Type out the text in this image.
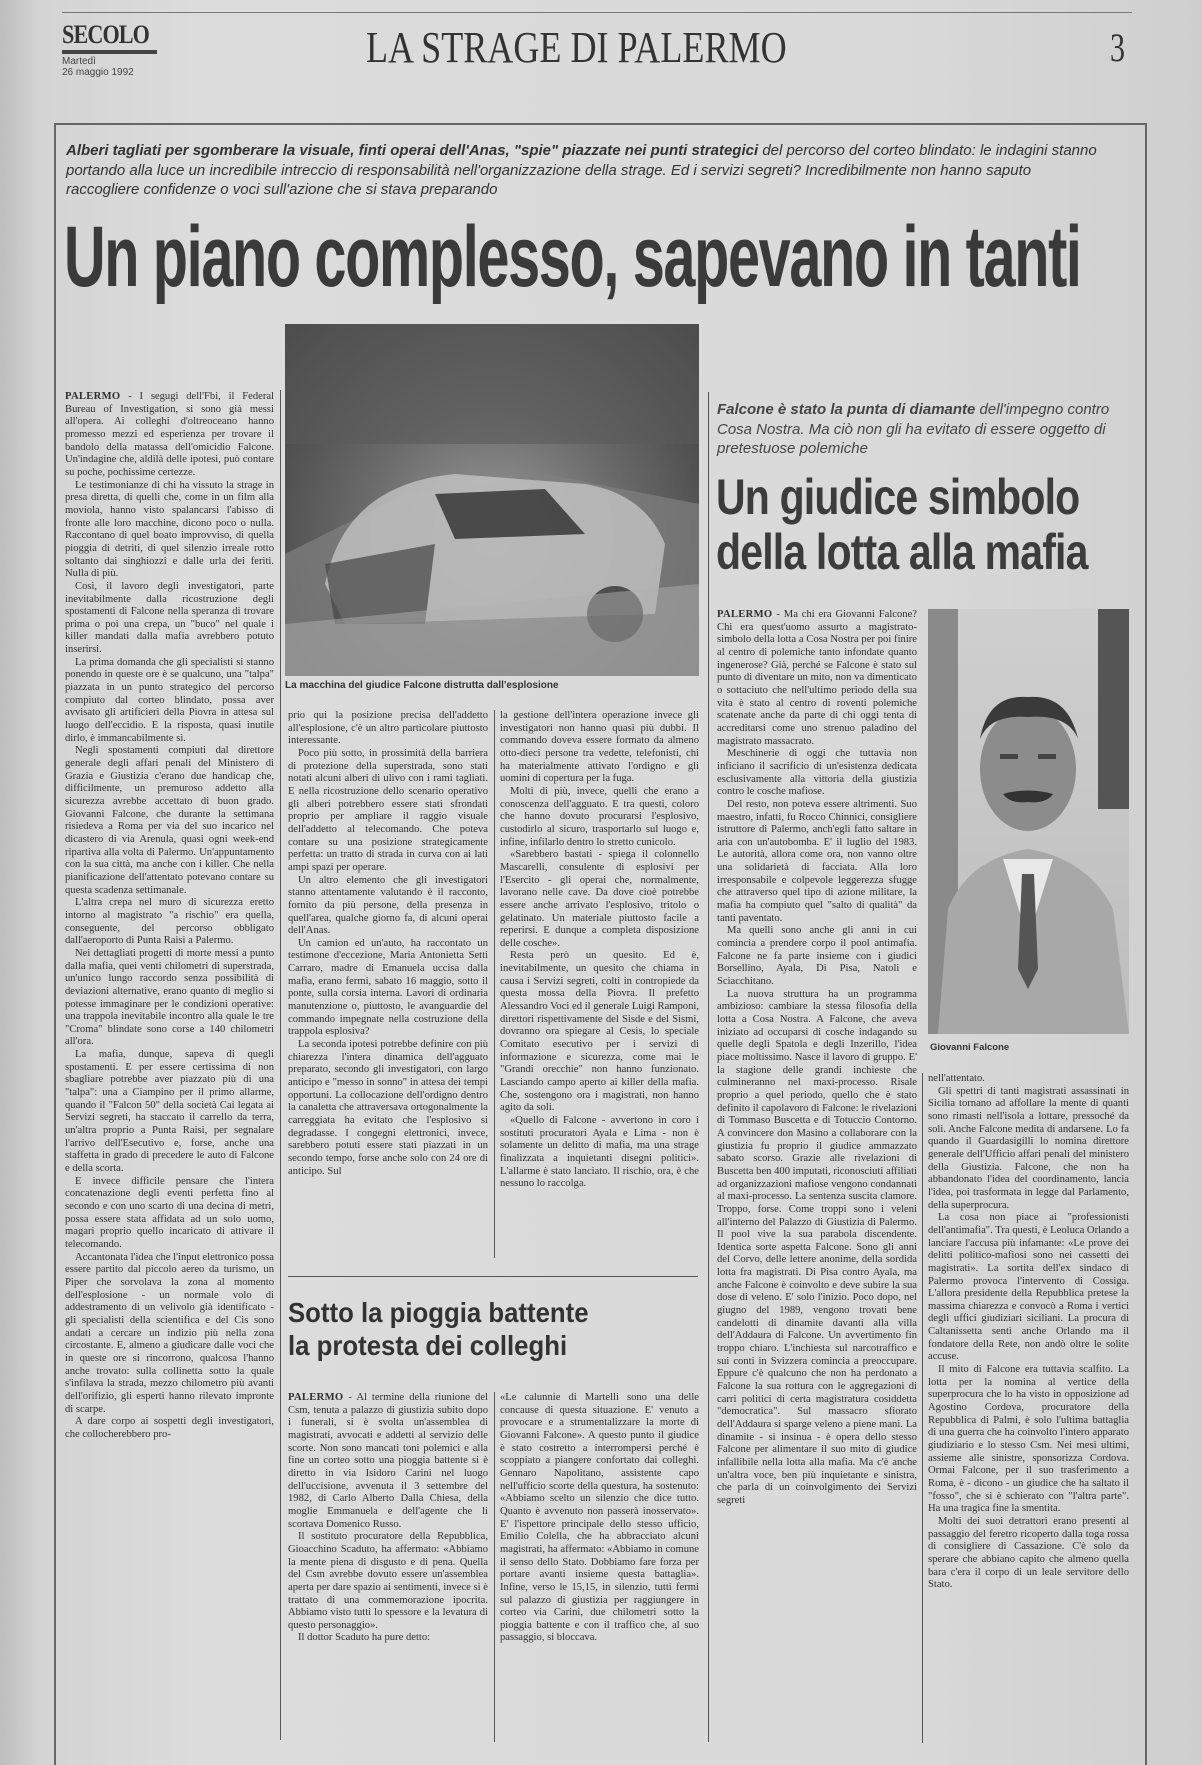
SECOLO
Martedì
26 maggio 1992
LA STRAGE DI PALERMO	3
Alberi tagliati per sgomberare la visuale, finti operai dell'Anas, "spie" piazzate nei punti strategici del percorso del corteo blindato: le indagini stanno portando alla luce un incredibile intreccio di responsabilità nell'organizzazione della strage. Ed i servizi segreti? Incredibilmente non hanno saputo raccogliere confidenze o voci sull'azione che si stava preparando
Un piano complesso, sapevano in tanti
La macchina del giudice Falcone distrutta dall'esplosione

PALERMO - I segugi dell'Fbi, il Federal Bureau of Investigation, si sono già messi all'opera. Ai colleghi d'oltreoceano hanno promesso mezzi ed esperienza per trovare il bandolo della matassa dell'omicidio Falcone. Un'indagine che, aldilà delle ipotesi, può contare su poche, pochissime certezze.

Le testimonianze di chi ha vissuto la strage in presa diretta, di quelli che, come in un film alla moviola, hanno visto spalancarsi l'abisso di fronte alle loro macchine, dicono poco o nulla. Raccontano di quel boato improvviso, di quella pioggia di detriti, di quel silenzio irreale rotto soltanto dai singhiozzi e dalle urla dei feriti. Nulla di più.

Così, il lavoro degli investigatori, parte inevitabilmente dalla ricostruzione degli spostamenti di Falcone nella speranza di trovare prima o poi una crepa, un "buco" nel quale i killer mandati dalla mafia avrebbero potuto inserirsi.

La prima domanda che gli specialisti si stanno ponendo in queste ore è se qualcuno, una "talpa" piazzata in un punto strategico del percorso compiuto dal corteo blindato, possa aver avvisato gli artificieri della Piovra in attesa sul luogo dell'eccidio. E la risposta, quasi inutile dirlo, è immancabilmente sì.

Negli spostamenti compiuti dal direttore generale degli affari penali del Ministero di Grazia e Giustizia c'erano due handicap che, difficilmente, un premuroso addetto alla sicurezza avrebbe accettato di buon grado. Giovanni Falcone, che durante la settimana risiedeva a Roma per via del suo incarico nel dicastero di via Arenula, quasi ogni week-end ripartiva alla volta di Palermo. Un'appuntamento con la sua città, ma anche con i killer. Che nella pianificazione dell'attentato potevano contare su questa scadenza settimanale.

L'altra crepa nel muro di sicurezza eretto intorno al magistrato "a rischio" era quella, conseguente, del percorso obbligato dall'aeroporto di Punta Raisi a Palermo.

Nei dettagliati progetti di morte messi a punto dalla mafia, quei venti chilometri di superstrada, un'unico lungo raccordo senza possibilità di deviazioni alternative, erano quanto di meglio si potesse immaginare per le condizioni operative: una trappola inevitabile incontro alla quale le tre "Croma" blindate sono corse a 140 chilometri all'ora.

La mafia, dunque, sapeva di quegli spostamenti. E per essere certissima di non sbagliare potrebbe aver piazzato più di una "talpa": una a Ciampino per il primo allarme, quando il "Falcon 50" della società Cai legata ai Servizi segreti, ha staccato il carrello da terra, un'altra proprio a Punta Raisi, per segnalare l'arrivo dell'Esecutivo e, forse, anche una staffetta in grado di precedere le auto di Falcone e della scorta.

E invece difficile pensare che l'intera concatenazione degli eventi perfetta fino al secondo e con uno scarto di una decina di metri, possa essere stata affidata ad un solo uomo, magari proprio quello incaricato di attivare il telecomando.

Accantonata l'idea che l'input elettronico possa essere partito dal piccolo aereo da turismo, un Piper che sorvolava la zona al momento dell'esplosione - un normale volo di addestramento di un velivolo già identificato - gli specialisti della scientifica e del Cis sono andati a cercare un indizio più nella zona circostante. E, almeno a giudicare dalle voci che in queste ore si rincorrono, qualcosa l'hanno anche trovato: sulla collinetta sotto la quale s'infilava la strada, mezzo chilometro più avanti dell'orifizio, gli esperti hanno rilevato impronte di scarpe.

A dare corpo ai sospetti degli investigatori, che collocherebbero pro-

prio qui la posizione precisa dell'addetto all'esplosione, c'è un altro particolare piuttosto interessante.

Poco più sotto, in prossimità della barriera di protezione della superstrada, sono stati notati alcuni alberi di ulivo con i rami tagliati. E nella ricostruzione dello scenario operativo gli alberi potrebbero essere stati sfrondati proprio per ampliare il raggio visuale dell'addetto al telecomando. Che poteva contare su una posizione strategicamente perfetta: un tratto di strada in curva con ai lati ampi spazi per operare.

Un altro elemento che gli investigatori stanno attentamente valutando è il racconto, fornito da più persone, della presenza in quell'area, qualche giorno fa, di alcuni operai dell'Anas.

Un camion ed un'auto, ha raccontato un testimone d'eccezione, Maria Antonietta Setti Carraro, madre di Emanuela uccisa dalla mafia, erano fermi, sabato 16 maggio, sotto il ponte, sulla corsia interna. Lavori di ordinaria manutenzione o, piuttosto, le avanguardie del commando impegnate nella costruzione della trappola esplosiva?

La seconda ipotesi potrebbe definire con più chiarezza l'intera dinamica dell'agguato preparato, secondo gli investigatori, con largo anticipo e "messo in sonno" in attesa dei tempi opportuni. La collocazione dell'ordigno dentro la canaletta che attraversava ortogonalmente la carreggiata ha evitato che l'esplosivo si degradasse. I congegni elettronici, invece, sarebbero potuti essere stati piazzati in un secondo tempo, forse anche solo con 24 ore di anticipo. Sul

la gestione dell'intera operazione invece gli investigatori non hanno quasi più dubbi. Il commando doveva essere formato da almeno otto-dieci persone tra vedette, telefonisti, chi ha materialmente attivato l'ordigno e gli uomini di copertura per la fuga.

Molti di più, invece, quelli che erano a conoscenza dell'agguato. E tra questi, coloro che hanno dovuto procurarsi l'esplosivo, custodirlo al sicuro, trasportarlo sul luogo e, infine, infilarlo dentro lo stretto cunicolo.

«Sarebbero bastati - spiega il colonnello Mascarelli, consulente di esplosivi per l'Esercito - gli operai che, normalmente, lavorano nelle cave. Da dove cioè potrebbe essere anche arrivato l'esplosivo, tritolo o gelatinato. Un materiale piuttosto facile a reperirsi. E dunque a completa disposizione delle cosche».

Resta però un quesito. Ed è, inevitabilmente, un quesito che chiama in causa i Servizi segreti, colti in contropiede da questa mossa della Piovra. Il prefetto Alessandro Voci ed il generale Luigi Ramponi, direttori rispettivamente del Sisde e del Sismi, dovranno ora spiegare al Cesis, lo speciale Comitato esecutivo per i servizi di informazione e sicurezza, come mai le "Grandi orecchie" non hanno funzionato. Lasciando campo aperto ai killer della mafia. Che, sostengono ora i magistrati, non hanno agito da soli.

«Quello di Falcone - avvertono in coro i sostituti procuratori Ayala e Lima - non è solamente un delitto di mafia, ma una strage finalizzata a inquietanti disegni politici». L'allarme è stato lanciato. Il rischio, ora, è che nessuno lo raccolga.

Sotto la pioggia battente
la protesta dei colleghi

PALERMO - Al termine della riunione del Csm, tenuta a palazzo di giustizia subito dopo i funerali, si è svolta un'assemblea di magistrati, avvocati e addetti al servizio delle scorte. Non sono mancati toni polemici e alla fine un corteo sotto una pioggia battente si è diretto in via Isidoro Carini nel luogo dell'uccisione, avvenuta il 3 settembre del 1982, di Carlo Alberto Dalla Chiesa, della moglie Emmanuela e dell'agente che li scortava Domenico Russo.

Il sostituto procuratore della Repubblica, Gioacchino Scaduto, ha affermato: «Abbiamo la mente piena di disgusto e di pena. Quella del Csm avrebbe dovuto essere un'assemblea aperta per dare spazio ai sentimenti, invece si è trattato di una commemorazione ipocrita. Abbiamo visto tutti lo spessore e la levatura di questo personaggio».

Il dottor Scaduto ha pure detto:

«Le calunnie di Martelli sono una delle concause di questa situazione. E' venuto a provocare e a strumentalizzare la morte di Giovanni Falcone». A questo punto il giudice è stato costretto a interrompersi perché è scoppiato a piangere confortato dai colleghi. Gennaro Napolitano, assistente capo nell'ufficio scorte della questura, ha sostenuto: «Abbiamo scelto un silenzio che dice tutto. Quanto è avvenuto non passerà inosservato». E' l'ispettore principale dello stesso ufficio, Emilio Colella, che ha abbracciato alcuni magistrati, ha affermato: «Abbiamo in comune il senso dello Stato. Dobbiamo fare forza per portare avanti insieme questa battaglia». Infine, verso le 15,15, in silenzio, tutti fermi sul palazzo di giustizia per raggiungere in corteo via Carini, due chilometri sotto la pioggia battente e con il traffico che, al suo passaggio, si bloccava.

Falcone è stato la punta di diamante dell'impegno contro Cosa Nostra. Ma ciò non gli ha evitato di essere oggetto di pretestuose polemiche
Un giudice simbolo
della lotta alla mafia
Giovanni Falcone

PALERMO - Ma chi era Giovanni Falcone? Chi era quest'uomo assurto a magistrato-simbolo della lotta a Cosa Nostra per poi finire al centro di polemiche tanto infondate quanto ingenerose? Già, perché se Falcone è stato sul punto di diventare un mito, non va dimenticato o sottaciuto che nell'ultimo periodo della sua vita è stato al centro di roventi polemiche scatenate anche da parte di chi oggi tenta di accreditarsi come uno strenuo paladino del magistrato massacrato.

Meschinerie di oggi che tuttavia non inficiano il sacrificio di un'esistenza dedicata esclusivamente alla vittoria della giustizia contro le cosche mafiose.

Del resto, non poteva essere altrimenti. Suo maestro, infatti, fu Rocco Chinnici, consigliere istruttore di Palermo, anch'egli fatto saltare in aria con un'autobomba. E' il luglio del 1983. Le autorità, allora come ora, non vanno oltre una solidarietà di facciata. Alla loro irresponsabile e colpevole leggerezza sfugge che attraverso quel tipo di azione militare, la mafia ha compiuto quel "salto di qualità" da tanti paventato.

Ma quelli sono anche gli anni in cui comincia a prendere corpo il pool antimafia. Falcone ne fa parte insieme con i giudici Borsellino, Ayala, Di Pisa, Natoli e Sciacchitano.

La nuova struttura ha un programma ambizioso: cambiare la stessa filosofia della lotta a Cosa Nostra. A Falcone, che aveva iniziato ad occuparsi di cosche indagando su quelle degli Spatola e degli Inzerillo, l'idea piace moltissimo. Nasce il lavoro di gruppo. E' la stagione delle grandi inchieste che culmineranno nel maxi-processo. Risale proprio a quel periodo, quello che è stato definito il capolavoro di Falcone: le rivelazioni di Tommaso Buscetta e di Totuccio Contorno. A convincere don Masino a collaborare con la giustizia fu proprio il giudice ammazzato sabato scorso. Grazie alle rivelazioni di Buscetta ben 400 imputati, riconosciuti affiliati ad organizzazioni mafiose vengono condannati al maxi-processo. La sentenza suscita clamore. Troppo, forse. Come troppi sono i veleni all'interno del Palazzo di Giustizia di Palermo. Il pool vive la sua parabola discendente. Identica sorte aspetta Falcone. Sono gli anni del Corvo, delle lettere anonime, della sordida lotta fra magistrati. Di Pisa contro Ayala, ma anche Falcone è coinvolto e deve subire la sua dose di veleno. E' solo l'inizio. Poco dopo, nel giugno del 1989, vengono trovati bene candelotti di dinamite davanti alla villa dell'Addaura di Falcone. Un avvertimento fin troppo chiaro. L'inchiesta sul narcotraffico e sui conti in Svizzera comincia a preoccupare. Eppure c'è qualcuno che non ha perdonato a Falcone la sua rottura con le aggregazioni di carri politici di certa magistratura cosiddetta "democratica". Sul massacro sfiorato dell'Addaura si sparge veleno a piene mani. La dinamite - si insinua - è opera dello stesso Falcone per alimentare il suo mito di giudice infallibile nella lotta alla mafia. Ma c'è anche un'altra voce, ben più inquietante e sinistra, che parla di un coinvolgimento dei Servizi segreti

nell'attentato.

Gli spettri di tanti magistrati assassinati in Sicilia tornano ad affollare la mente di quanti sono rimasti nell'isola a lottare, pressoché da soli. Anche Falcone medita di andarsene. Lo fa quando il Guardasigilli lo nomina direttore generale dell'Ufficio affari penali del ministero della Giustizia. Falcone, che non ha abbandonato l'idea del coordinamento, lancia l'idea, poi trasformata in legge dal Parlamento, della superprocura.

La cosa non piace ai "professionisti dell'antimafia". Tra questi, è Leoluca Orlando a lanciare l'accusa più infamante: «Le prove dei delitti politico-mafiosi sono nei cassetti dei magistrati». La sortita dell'ex sindaco di Palermo provoca l'intervento di Cossiga. L'allora presidente della Repubblica pretese la massima chiarezza e convocò a Roma i vertici degli uffici giudiziari siciliani. La procura di Caltanissetta sentì anche Orlando ma il fondatore della Rete, non andò oltre le solite accuse.

Il mito di Falcone era tuttavia scalfito. La lotta per la nomina al vertice della superprocura che lo ha visto in opposizione ad Agostino Cordova, procuratore della Repubblica di Palmi, è solo l'ultima battaglia di una guerra che ha coinvolto l'intero apparato giudiziario e lo stesso Csm. Nei mesi ultimi, assieme alle sinistre, sponsorizza Cordova. Ormai Falcone, per il suo trasferimento a Roma, è - dicono - un giudice che ha saltato il "fosso", che si è schierato con "l'altra parte". Ha una tragica fine la smentita.

Molti dei suoi detrattori erano presenti al passaggio del feretro ricoperto dalla toga rossa di consigliere di Cassazione. C'è solo da sperare che abbiano capito che almeno quella bara c'era il corpo di un leale servitore dello Stato.
